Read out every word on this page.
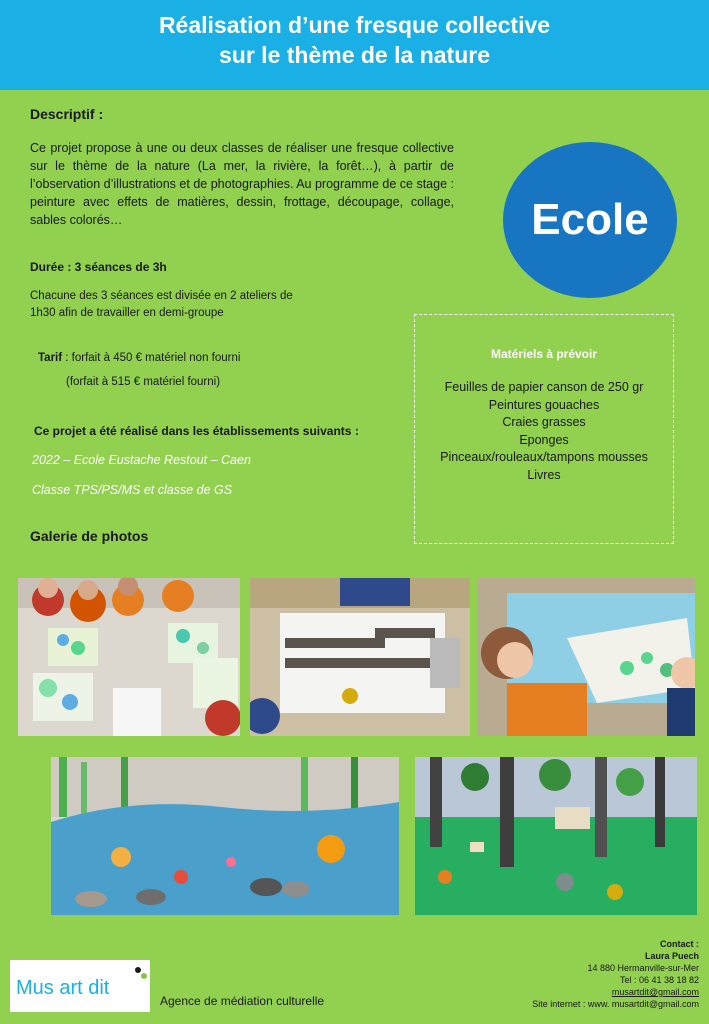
Réalisation d’une fresque collective
sur le thème de la nature
Descriptif :
Ce projet propose à une ou deux classes de réaliser une fresque collective sur le thème de la nature (La mer, la rivière, la forêt…), à partir de l’observation d’illustrations et de photographies. Au programme de ce stage : peinture avec effets de matières, dessin, frottage, découpage, collage, sables colorés…	Ecole
Durée : 3 séances de 3h
Chacune des 3 séances est divisée en 2 ateliers de
1h30 afin de travailler en demi-groupe
Tarif : forfait à 450 € matériel non fourni
(forfait à 515 € matériel fourni)
Ce projet a été réalisé dans les établissements suivants :
2022 – Ecole Eustache Restout – Caen
Classe TPS/PS/MS et classe de GS
Matériels à prévoir
Feuilles de papier canson de 250 gr
Peintures gouaches
Craies grasses
Eponges
Pinceaux/rouleaux/tampons mousses
Livres
Galerie de photos
Mus art dit
Agence de médiation culturelle
Contact :
Laura Puech
14 880 Hermanville-sur-Mer
Tel : 06 41 38 18 82
musartdit@gmail.com
Site internet : www. musartdit@gmail.com
